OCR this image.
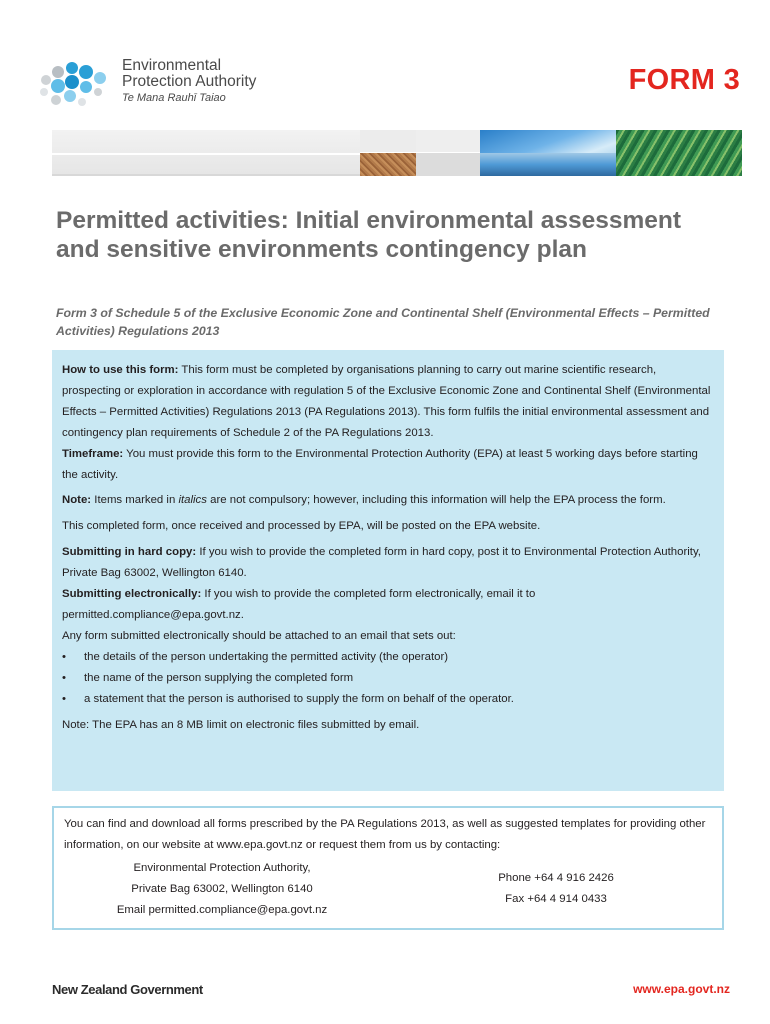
Environmental
Protection Authority
Te Mana Rauhī Taiao
FORM 3
Permitted activities: Initial environmental assessment and sensitive environments contingency plan
Form 3 of Schedule 5 of the Exclusive Economic Zone and Continental Shelf (Environmental Effects – Permitted Activities) Regulations 2013

How to use this form: This form must be completed by organisations planning to carry out marine scientific research, prospecting or exploration in accordance with regulation 5 of the Exclusive Economic Zone and Continental Shelf (Environmental Effects – Permitted Activities) Regulations 2013 (PA Regulations 2013). This form fulfils the initial environmental assessment and contingency plan requirements of Schedule 2 of the PA Regulations 2013.

Timeframe: You must provide this form to the Environmental Protection Authority (EPA) at least 5 working days before starting the activity.

Note: Items marked in italics are not compulsory; however, including this information will help the EPA process the form.

This completed form, once received and processed by EPA, will be posted on the EPA website.

Submitting in hard copy: If you wish to provide the completed form in hard copy, post it to Environmental Protection Authority, Private Bag 63002, Wellington 6140.

Submitting electronically: If you wish to provide the completed form electronically, email it to permitted.compliance@epa.govt.nz.

Any form submitted electronically should be attached to an email that sets out:

• the details of the person undertaking the permitted activity (the operator)

• the name of the person supplying the completed form

• a statement that the person is authorised to supply the form on behalf of the operator.

Note: The EPA has an 8 MB limit on electronic files submitted by email.

You can find and download all forms prescribed by the PA Regulations 2013, as well as suggested templates for providing other information, on our website at www.epa.govt.nz or request them from us by contacting:

Environmental Protection Authority,
Private Bag 63002, Wellington 6140
Email permitted.compliance@epa.govt.nz
Phone +64 4 916 2426
Fax +64 4 914 0433
New Zealand Government	www.epa.govt.nz
